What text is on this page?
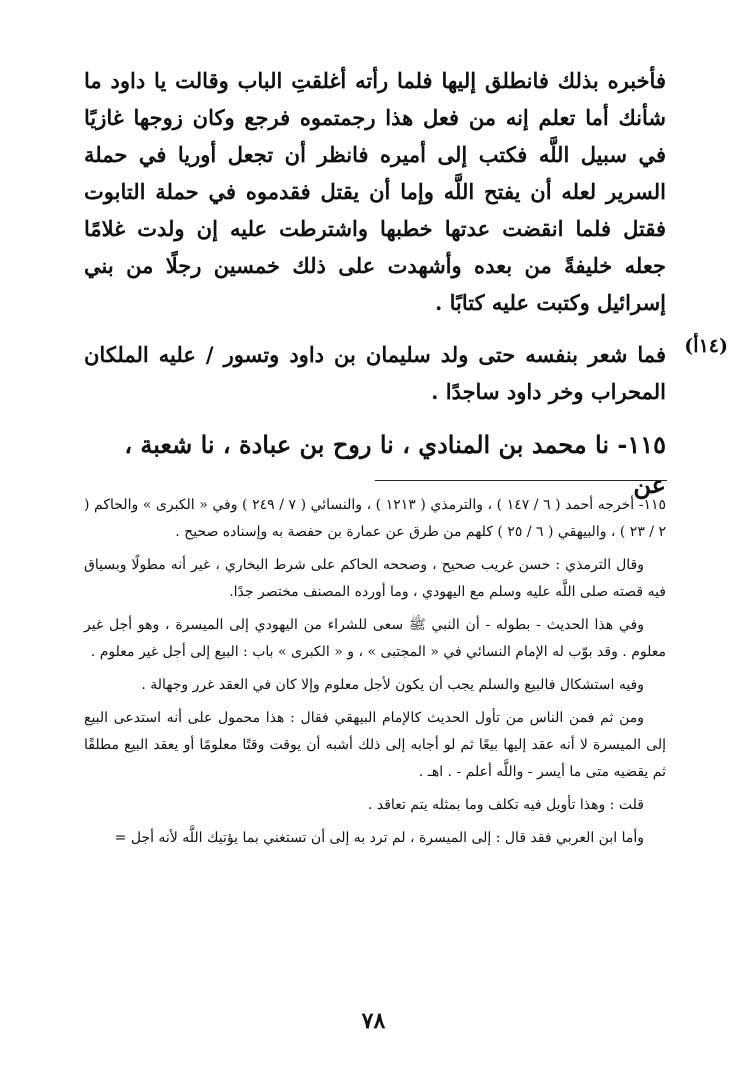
فأخبره بذلك فانطلق إليها فلما رأته أغلقتِ الباب وقالت يا داود ما شأنك أما تعلم إنه من فعل هذا رجمتموه فرجع وكان زوجها غازيًا في سبيل اللَّه فكتب إلى أميره فانظر أن تجعل أوريا في حملة السرير لعله أن يفتح اللَّه وإما أن يقتل فقدموه في حملة التابوت فقتل فلما انقضت عدتها خطبها واشترطت عليه إن ولدت غلامًا جعله خليفةً من بعده وأشهدت على ذلك خمسين رجلًا من بني إسرائيل وكتبت عليه كتابًا .

(١٤أ)

فما شعر بنفسه حتى ولد سليمان بن داود وتسور / عليه الملكان المحراب وخر داود ساجدًا .

١١٥- نا محمد بن المنادي ، نا روح بن عبادة ، نا شعبة ، عن

١١٥- أخرجه أحمد ( ٦ / ١٤٧ ) ، والترمذي ( ١٢١٣ ) ، والنسائي ( ٧ / ٢٤٩ ) وفي « الكبرى » والحاكم ( ٢ / ٢٣ ) ، والبيهقي ( ٦ / ٢٥ ) كلهم من طرق عن عمارة بن حفصة به وإسناده صحيح .

وقال الترمذي : حسن غريب صحيح ، وصححه الحاكم على شرط البخاري ، غير أنه مطولًا وبسياق فيه قصته صلى اللَّه عليه وسلم مع اليهودي ، وما أورده المصنف مختصر جدًا.

وفي هذا الحديث - بطوله - أن النبي ﷺ سعى للشراء من اليهودي إلى الميسرة ، وهو أجل غير معلوم . وقد بوّب له الإمام النسائي في « المجتبى » ، و « الكبرى » باب : البيع إلى أجل غير معلوم .

وفيه استشكال فالبيع والسلم يجب أن يكون لأجل معلوم وإلا كان في العقد غرر وجهالة .

ومن ثم فمن الناس من تأول الحديث كالإمام البيهقي فقال : هذا محمول على أنه استدعى البيع إلى الميسرة لا أنه عقد إليها بيعًا ثم لو أجابه إلى ذلك أشبه أن يوقت وقتًا معلومًا أو يعقد البيع مطلقًا ثم يقضيه متى ما أيسر - واللَّه أعلم - . اهـ .

قلت : وهذا تأويل فيه تكلف وما بمثله يتم تعاقد .

وأما ابن العربي فقد قال : إلى الميسرة ، لم ترد به إلى أن تستغني بما يؤتيك اللَّه لأنه أجل =

٧٨
